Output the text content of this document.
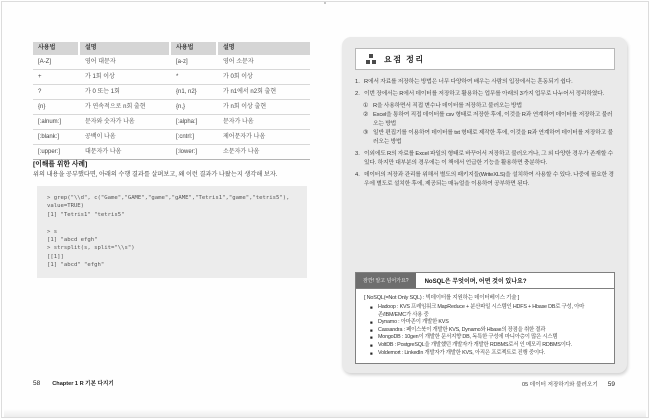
사용법	설명	사용법	설명
[A-Z]	영어 대문자	[a-z]	영어 소문자
+	가 1회 이상	*	가 0회 이상
?	가 0 또는 1회	{n1, n2}	가 n1에서 n2회 출현
{n}	가 연속적으로 n회 출현	{n,}	가 n회 이상 출현
[:alnum:]	문자와 숫자가 나옴	[:alpha:]	문자가 나옴
[:blank:]	공백이 나옴	[:cntrl:]	제어문자가 나옴
[:upper:]	대문자가 나옴	[:lower:]	소문자가 나옴
[이해를 위한 사례]
위의 내용을 공부했다면, 아래의 수행 결과를 살펴보고, 왜 이런 결과가 나왔는지 생각해 보자.
> grep("\\d", c("Game","GAME","game","gAME","Tetris1","game","tetris5"),
value=TRUE)
[1] "Tetris1" "tetris5"
> s
[1] "abcd efgh"
> strsplit(s, split="\\s")
[[1]]
[1] "abcd" "efgh"
58 Chapter 1 R 기본 다지기
요점 정리
1. R에서 자료를 저장하는 방법은 너무 다양하여 배우는 사람의 입장에서는 혼동되기 쉽다.
2. 이번 장에서는 R에서 데이터를 저장하고 활용하는 업무를 아래의 3가지 업무로 나누어서 정리하였다.
① R을 사용하면서 직접 변수나 데이터를 저장하고 불러오는 방법
② Excel을 통하여 직접 데이터를 csv 형태로 저장한 후에, 이것을 R과 연계하여 데이터를 저장하고 불러오는 방법
③ 일반 편집기를 이용하여 데이터를 txt 형태로 제작한 후에, 이것을 R과 연계하여 데이터를 저장하고 불러오는 방법
3. 이외에도 R의 자료를 Excel 파일의 형태로 바꾸어서 저장하고 불러오거나, 그 외 다양한 경우가 존재할 수 있다. 하지만 대부분의 경우에는 이 책에서 언급한 기능을 활용하면 충분하다.
4. 데이터의 저장과 관리를 위해서 별도의 패키지들(WriteXLS)을 설치하여 사용할 수 있다. 나중에 필요한 경우에 별도로 설치한 후에, 제공되는 매뉴얼을 이용하여 공부하면 된다.
잠깐! 알고 넘어가요?	NoSQL은 무엇이며, 어떤 것이 있나요?
[ NoSQL(=Not Only SQL) : 빅데이터를 지원하는 데이터베이스 기술 ]
■ Hadoop : KVS 프레임워크 MapReduce + 분산파일 시스템인 HDFS + Hbase DB로 구성, 아마존/IBM/EMC가 사용 중
■ Dynamo : 아마존이 개발한 KVS
■ Cassandra : 페이스북이 개발한 KVS, Dynamo와 Hbase의 장점을 취한 결과
■ MongoDB : 10gen이 개발한 문서지향 DB, 독특한 구성에 마니아층이 많은 시스템
■ VoltDB : PostgreSQL을 개발했던 개발자가 개발한 RDBMS로서 인 메모리 RDBMS이다.
■ Voldemort : LinkedIn 개발자가 개발한 KVS, 아직은 프로젝트로 진행 중이다.
05 데이터 저장하기와 불러오기 59
